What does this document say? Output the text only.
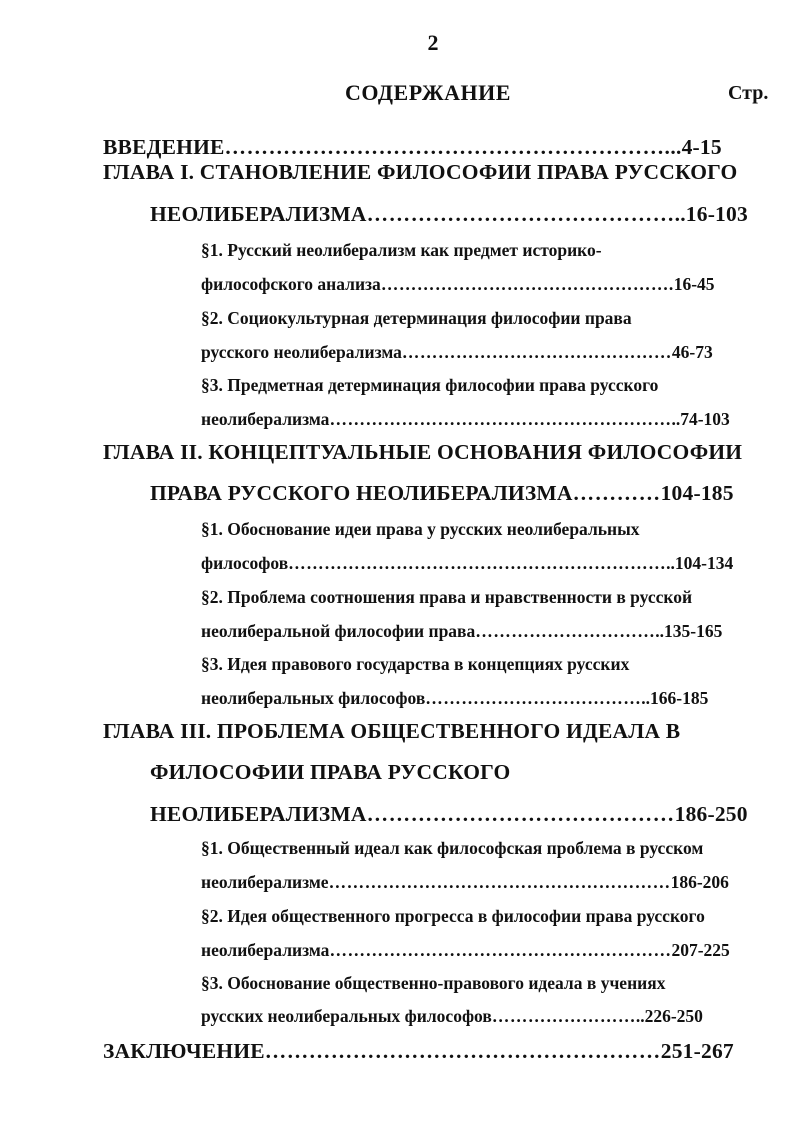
2
СОДЕРЖАНИЕ	Стр.
ВВЕДЕНИЕ……………………………………………………...4-15
ГЛАВА I. СТАНОВЛЕНИЕ ФИЛОСОФИИ ПРАВА РУССКОГО
НЕОЛИБЕРАЛИЗМА……………………………………..16-103
§1. Русский неолиберализм как предмет историко-
философского анализа………………………………………….16-45
§2. Социокультурная детерминация философии права
русского неолиберализма………………………………………46-73
§3. Предметная детерминация философии права русского
неолиберализма…………………………………………………..74-103
ГЛАВА II. КОНЦЕПТУАЛЬНЫЕ ОСНОВАНИЯ ФИЛОСОФИИ
ПРАВА РУССКОГО НЕОЛИБЕРАЛИЗМА…………104-185
§1. Обоснование идеи права у русских неолиберальных
философов………………………………………………………..104-134
§2. Проблема соотношения права и нравственности в русской
неолиберальной философии права…………………………..135-165
§3. Идея правового государства в концепциях русских
неолиберальных философов………………………………..166-185
ГЛАВА III. ПРОБЛЕМА ОБЩЕСТВЕННОГО ИДЕАЛА В
ФИЛОСОФИИ ПРАВА РУССКОГО
НЕОЛИБЕРАЛИЗМА……………………………………186-250
§1. Общественный идеал как философская проблема в русском
неолиберализме…………………………………………………186-206
§2. Идея общественного прогресса в философии права русского
неолиберализма…………………………………………………207-225
§3. Обоснование общественно-правового идеала в учениях
русских неолиберальных философов……………………..226-250
ЗАКЛЮЧЕНИЕ………………………………………………251-267
